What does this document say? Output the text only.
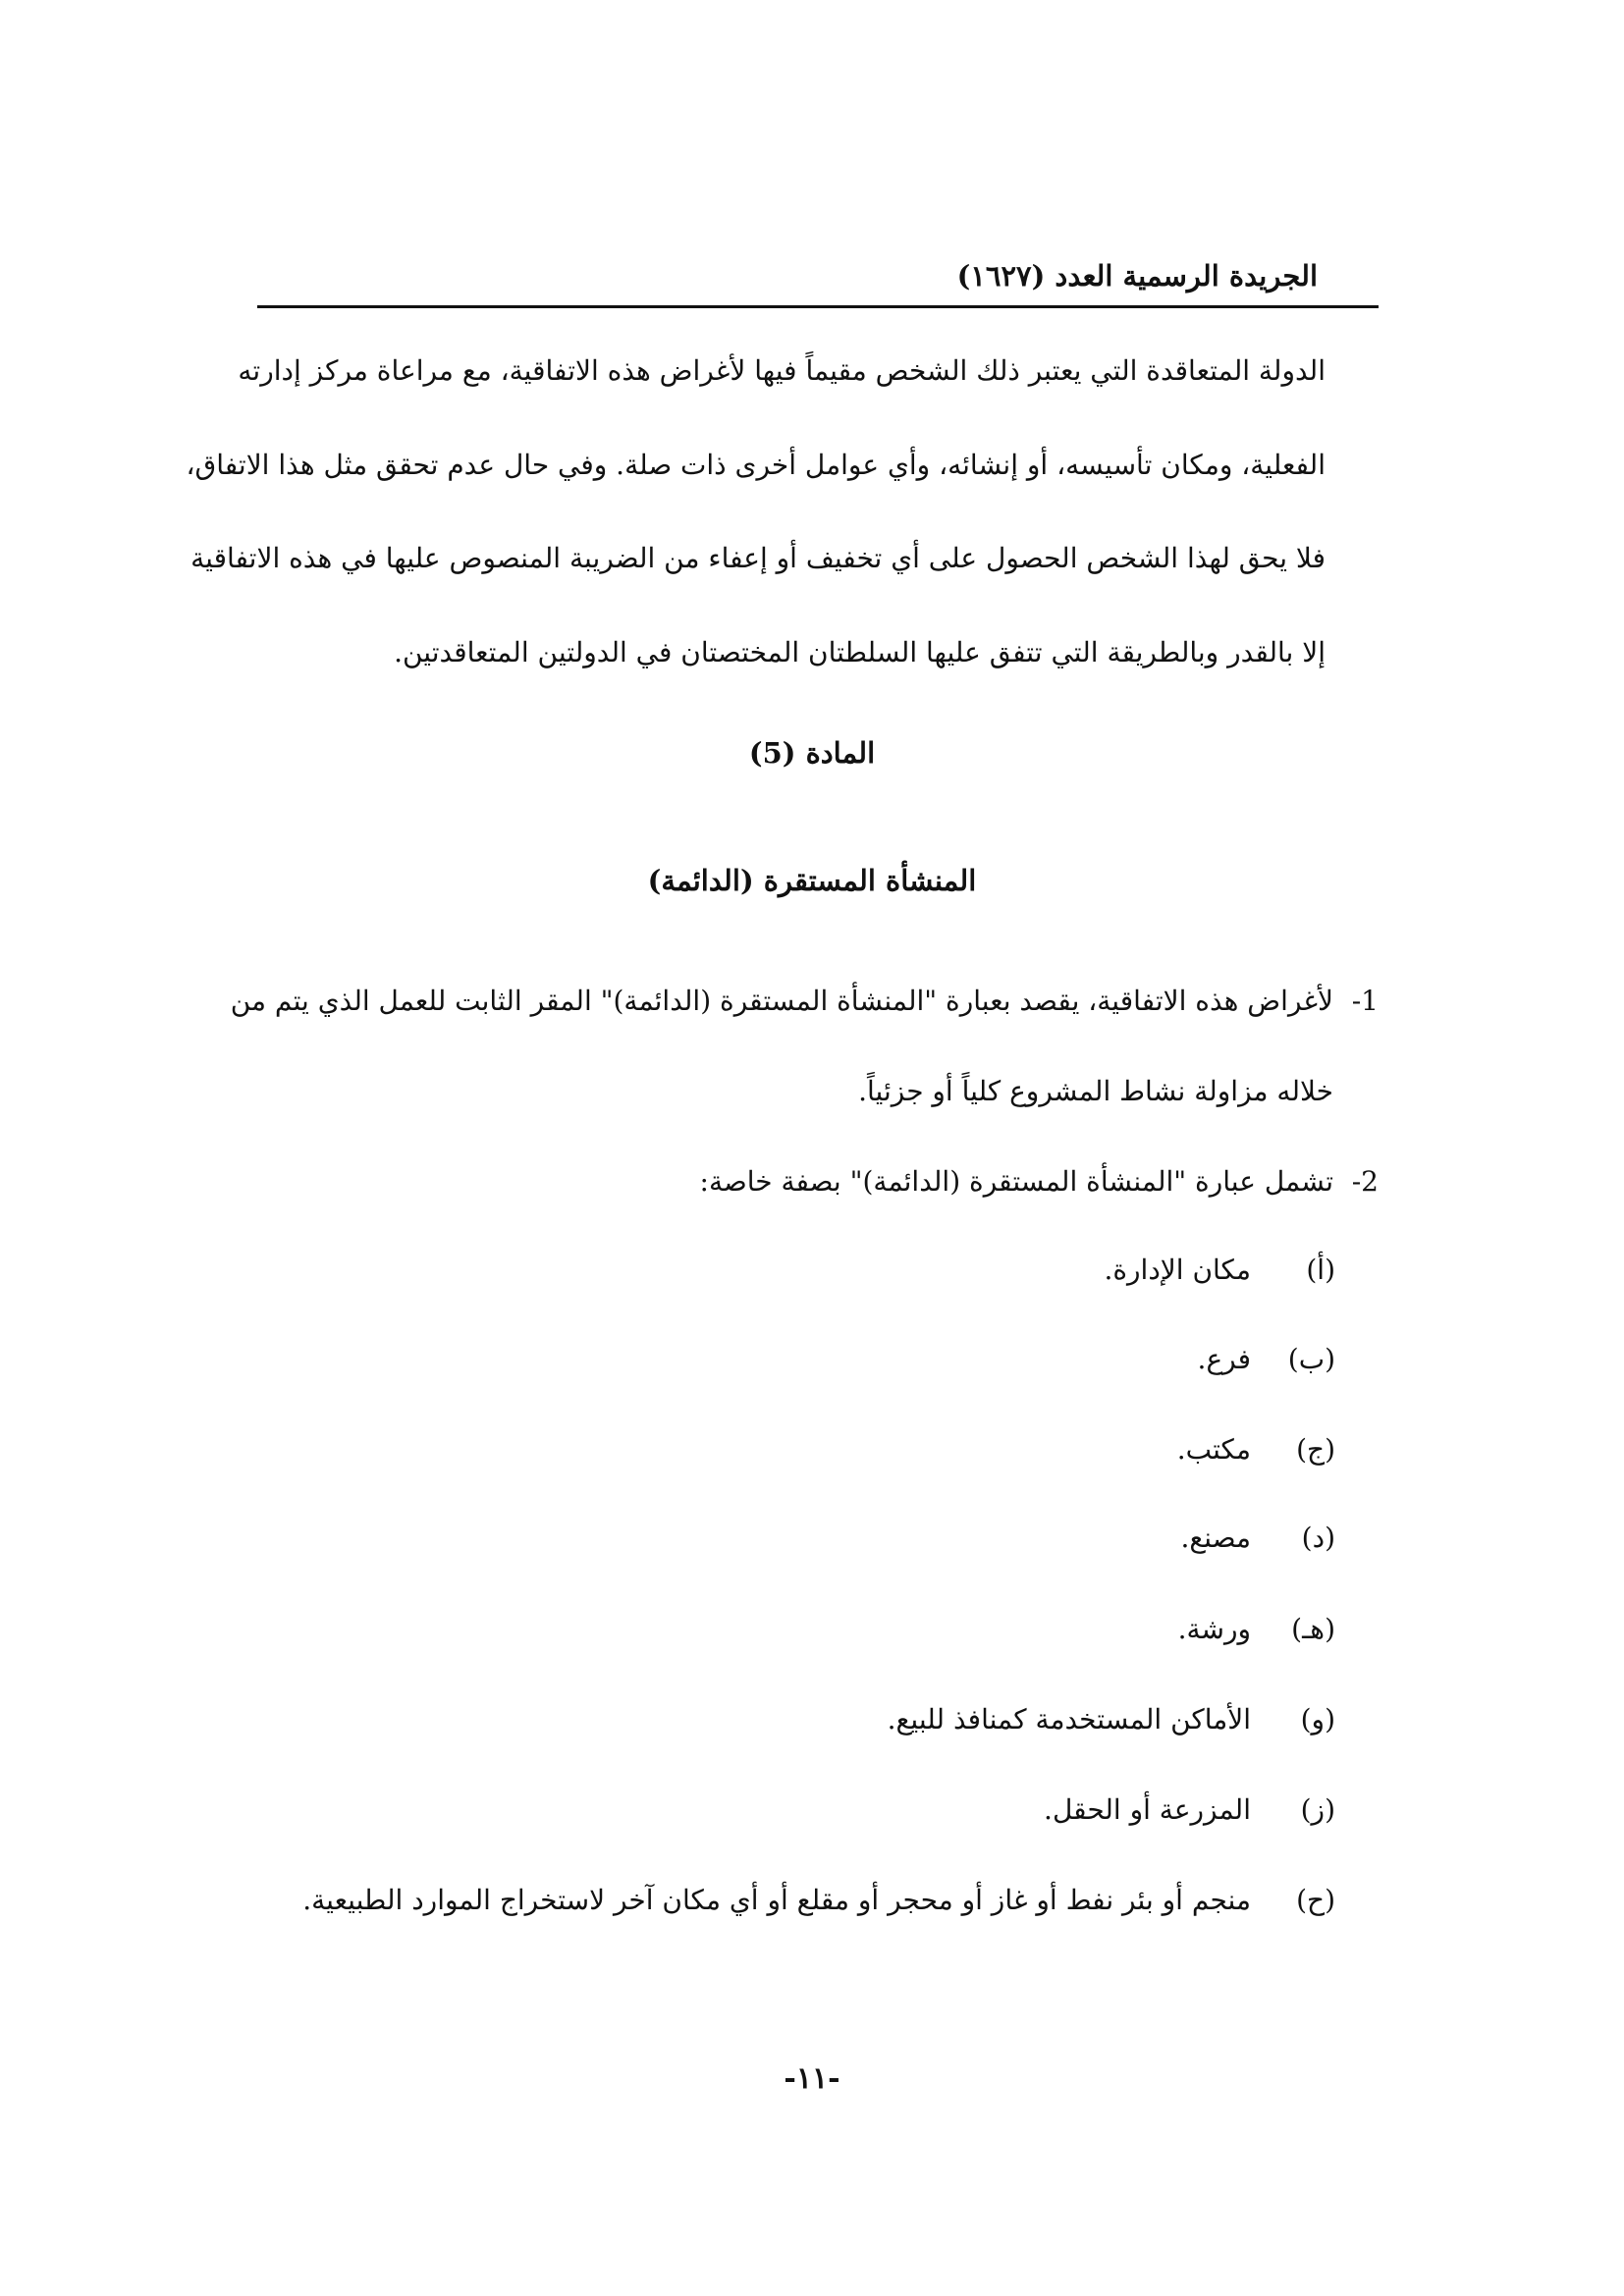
الجريدة الرسمية العدد (١٦٢٧)
الدولة المتعاقدة التي يعتبر ذلك الشخص مقيماً فيها لأغراض هذه الاتفاقية، مع مراعاة مركز إدارته
الفعلية، ومكان تأسيسه، أو إنشائه، وأي عوامل أخرى ذات صلة. وفي حال عدم تحقق مثل هذا الاتفاق،
فلا يحق لهذا الشخص الحصول على أي تخفيف أو إعفاء من الضريبة المنصوص عليها في هذه الاتفاقية
إلا بالقدر وبالطريقة التي تتفق عليها السلطتان المختصتان في الدولتين المتعاقدتين.
المادة (5)
المنشأة المستقرة (الدائمة)
1-
لأغراض هذه الاتفاقية، يقصد بعبارة "المنشأة المستقرة (الدائمة)" المقر الثابت للعمل الذي يتم من
خلاله مزاولة نشاط المشروع كلياً أو جزئياً.
2-
تشمل عبارة "المنشأة المستقرة (الدائمة)" بصفة خاصة:
(أ)
مكان الإدارة.
(ب)
فرع.
(ج)
مكتب.
(د)
مصنع.
(هـ)
ورشة.
(و)
الأماكن المستخدمة كمنافذ للبيع.
(ز)
المزرعة أو الحقل.
(ح)
منجم أو بئر نفط أو غاز أو محجر أو مقلع أو أي مكان آخر لاستخراج الموارد الطبيعية.
-١١-
